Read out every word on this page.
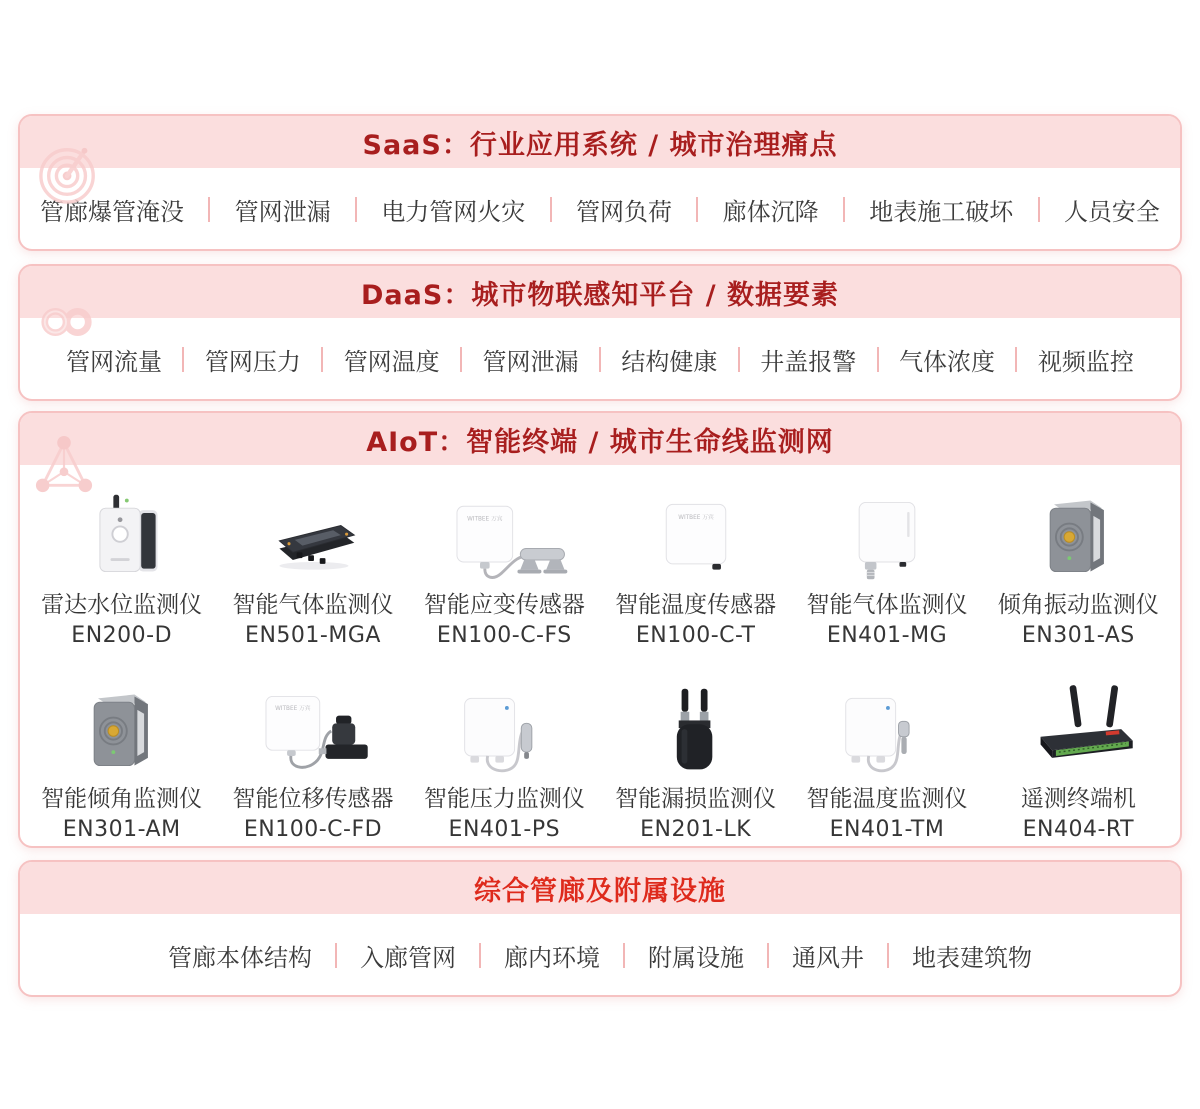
SaaS：行业应用系统 / 城市治理痛点
管廊爆管淹没 管网泄漏 电力管网火灾 管网负荷 廊体沉降 地表施工破坏 人员安全
DaaS：城市物联感知平台 / 数据要素
管网流量 管网压力 管网温度 管网泄漏 结构健康 井盖报警 气体浓度 视频监控
AIoT：智能终端 / 城市生命线监测网
雷达水位监测仪
EN200-D
智能气体监测仪
EN501-MGA
WITBEE 万宾
智能应变传感器
EN100-C-FS
WITBEE 万宾
智能温度传感器
EN100-C-T
智能气体监测仪
EN401-MG
倾角振动监测仪
EN301-AS
智能倾角监测仪
EN301-AM
WITBEE 万宾
智能位移传感器
EN100-C-FD
智能压力监测仪
EN401-PS
智能漏损监测仪
EN201-LK
智能温度监测仪
EN401-TM
遥测终端机
EN404-RT
综合管廊及附属设施
管廊本体结构 入廊管网 廊内环境 附属设施 通风井 地表建筑物
